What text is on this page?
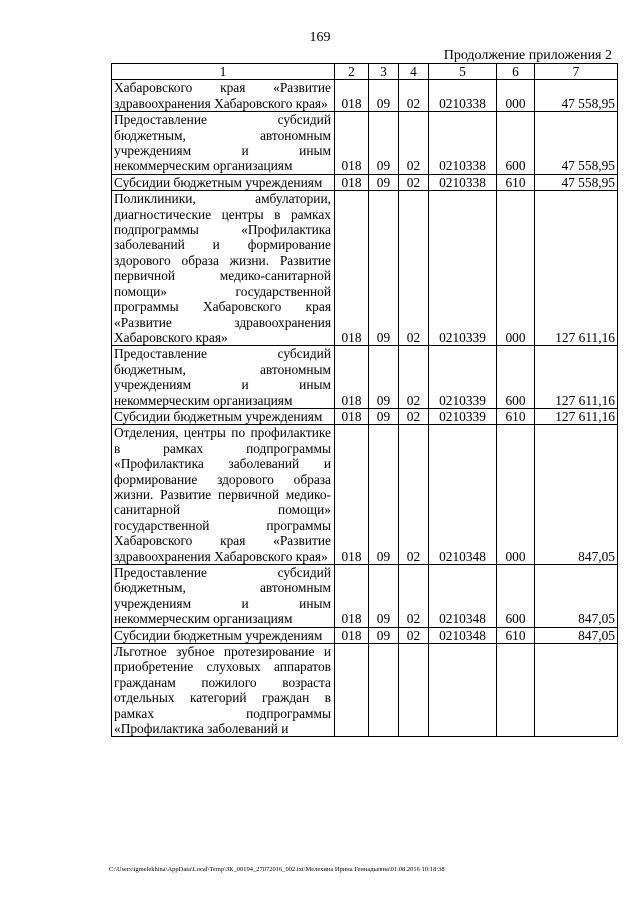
169
Продолжение приложения 2
1	2	3	4	5	6	7
Хабаровского края «Развитие здравоохранения Хабаровского края»	018	09	02	0210338	000	47 558,95
Предоставление субсидий бюджетным, автономным учреждениям и иным некоммерческим организациям	018	09	02	0210338	600	47 558,95
Субсидии бюджетным учреждениям	018	09	02	0210338	610	47 558,95
Поликлиники, амбулатории, диагностические центры в рамках подпрограммы «Профилактика заболеваний и формирование здорового образа жизни. Развитие первичной медико-санитарной помощи» государственной программы Хабаровского края «Развитие здравоохранения Хабаровского края»	018	09	02	0210339	000	127 611,16
Предоставление субсидий бюджетным, автономным учреждениям и иным некоммерческим организациям	018	09	02	0210339	600	127 611,16
Субсидии бюджетным учреждениям	018	09	02	0210339	610	127 611,16
Отделения, центры по профилактике в рамках подпрограммы «Профилактика заболеваний и формирование здорового образа жизни. Развитие первичной медико-санитарной помощи» государственной программы Хабаровского края «Развитие здравоохранения Хабаровского края»	018	09	02	0210348	000	847,05
Предоставление субсидий бюджетным, автономным учреждениям и иным некоммерческим организациям	018	09	02	0210348	600	847,05
Субсидии бюджетным учреждениям	018	09	02	0210348	610	847,05
Льготное зубное протезирование и приобретение слуховых аппаратов гражданам пожилого возраста отдельных категорий граждан в рамках подпрограммы «Профилактика заболеваний и						
C:\Users\tgmelekhina\AppData\Local\Temp\ЗК_00194_27072016_002.txt\Мелехина Ирина Геннадьевна\01.08.2016 10:18:38
